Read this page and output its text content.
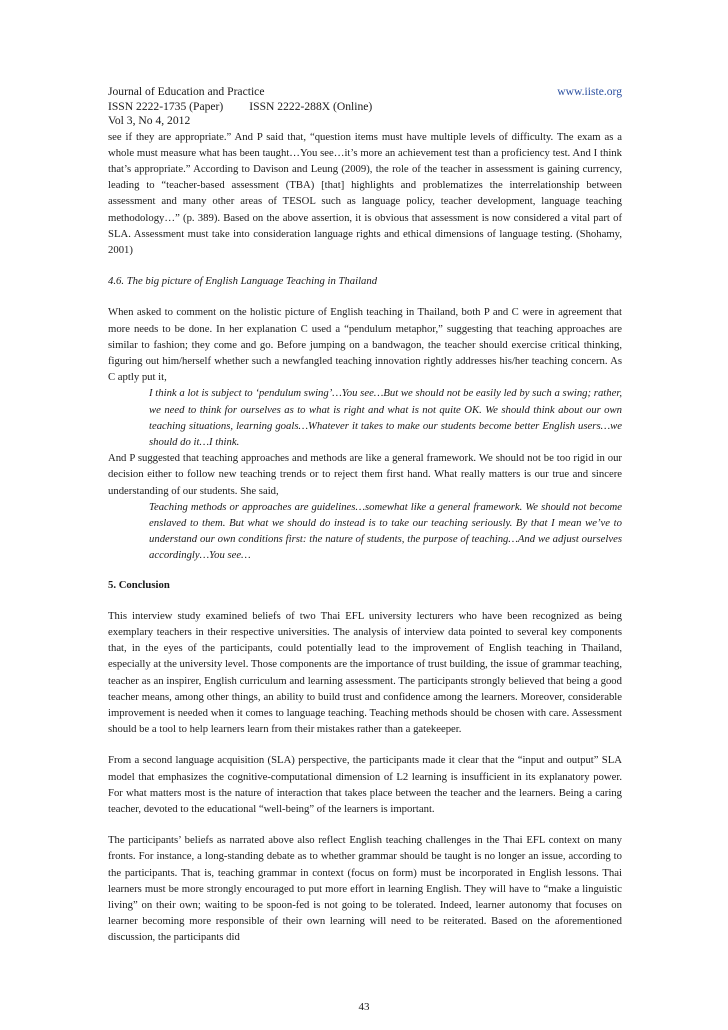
Journal of Education and Practice	www.iiste.org
ISSN 2222-1735 (Paper) ISSN 2222-288X (Online)
Vol 3, No 4, 2012

see if they are appropriate.” And P said that, “question items must have multiple levels of difficulty. The exam as a whole must measure what has been taught…You see…it’s more an achievement test than a proficiency test. And I think that’s appropriate.” According to Davison and Leung (2009), the role of the teacher in assessment is gaining currency, leading to “teacher-based assessment (TBA) [that] highlights and problematizes the interrelationship between assessment and many other areas of TESOL such as language policy, teacher development, language teaching methodology…” (p. 389). Based on the above assertion, it is obvious that assessment is now considered a vital part of SLA. Assessment must take into consideration language rights and ethical dimensions of language testing. (Shohamy, 2001)

4.6. The big picture of English Language Teaching in Thailand

When asked to comment on the holistic picture of English teaching in Thailand, both P and C were in agreement that more needs to be done. In her explanation C used a “pendulum metaphor,” suggesting that teaching approaches are similar to fashion; they come and go. Before jumping on a bandwagon, the teacher should exercise critical thinking, figuring out him/herself whether such a newfangled teaching innovation rightly addresses his/her teaching concern. As C aptly put it,

I think a lot is subject to ‘pendulum swing’…You see…But we should not be easily led by such a swing; rather, we need to think for ourselves as to what is right and what is not quite OK. We should think about our own teaching situations, learning goals…Whatever it takes to make our students become better English users…we should do it…I think.

And P suggested that teaching approaches and methods are like a general framework. We should not be too rigid in our decision either to follow new teaching trends or to reject them first hand. What really matters is our true and sincere understanding of our students. She said,

Teaching methods or approaches are guidelines…somewhat like a general framework. We should not become enslaved to them. But what we should do instead is to take our teaching seriously. By that I mean we’ve to understand our own conditions first: the nature of students, the purpose of teaching…And we adjust ourselves accordingly…You see…

5. Conclusion

This interview study examined beliefs of two Thai EFL university lecturers who have been recognized as being exemplary teachers in their respective universities. The analysis of interview data pointed to several key components that, in the eyes of the participants, could potentially lead to the improvement of English teaching in Thailand, especially at the university level. Those components are the importance of trust building, the issue of grammar teaching, teacher as an inspirer, English curriculum and learning assessment. The participants strongly believed that being a good teacher means, among other things, an ability to build trust and confidence among the learners. Moreover, considerable improvement is needed when it comes to language teaching. Teaching methods should be chosen with care. Assessment should be a tool to help learners learn from their mistakes rather than a gatekeeper.

From a second language acquisition (SLA) perspective, the participants made it clear that the “input and output” SLA model that emphasizes the cognitive-computational dimension of L2 learning is insufficient in its explanatory power. For what matters most is the nature of interaction that takes place between the teacher and the learners. Being a caring teacher, devoted to the educational “well-being” of the learners is important.

The participants’ beliefs as narrated above also reflect English teaching challenges in the Thai EFL context on many fronts. For instance, a long-standing debate as to whether grammar should be taught is no longer an issue, according to the participants. That is, teaching grammar in context (focus on form) must be incorporated in English lessons. Thai learners must be more strongly encouraged to put more effort in learning English. They will have to “make a linguistic living” on their own; waiting to be spoon-fed is not going to be tolerated. Indeed, learner autonomy that focuses on learner becoming more responsible of their own learning will need to be reiterated. Based on the aforementioned discussion, the participants did

43
